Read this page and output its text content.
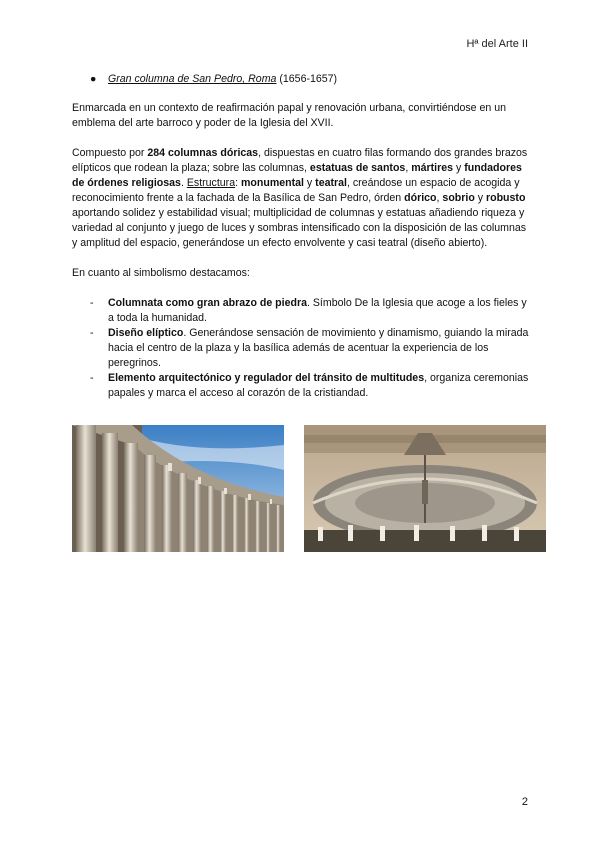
Hª del Arte II
● Gran columna de San Pedro, Roma (1656-1657)

Enmarcada en un contexto de reafirmación papal y renovación urbana, convirtiéndose en un emblema del arte barroco y poder de la Iglesia del XVII.

Compuesto por 284 columnas dóricas, dispuestas en cuatro filas formando dos grandes brazos elípticos que rodean la plaza; sobre las columnas, estatuas de santos, mártires y fundadores de órdenes religiosas. Estructura: monumental y teatral, creándose un espacio de acogida y reconocimiento frente a la fachada de la Basílica de San Pedro, órden dórico, sobrio y robusto aportando solidez y estabilidad visual; multiplicidad de columnas y estatuas añadiendo riqueza y variedad al conjunto y juego de luces y sombras intensificado con la disposición de las columnas y amplitud del espacio, generándose un efecto envolvente y casi teatral (diseño abierto).

En cuanto al simbolismo destacamos:

- Columnata como gran abrazo de piedra. Símbolo De la Iglesia que acoge a los fieles y a toda la humanidad.
- Diseño elíptico. Generándose sensación de movimiento y dinamismo, guiando la mirada hacia el centro de la plaza y la basílica además de acentuar la experiencia de los peregrinos.
- Elemento arquitectónico y regulador del tránsito de multitudes, organiza ceremonias papales y marca el acceso al corazón de la cristiandad.
2
